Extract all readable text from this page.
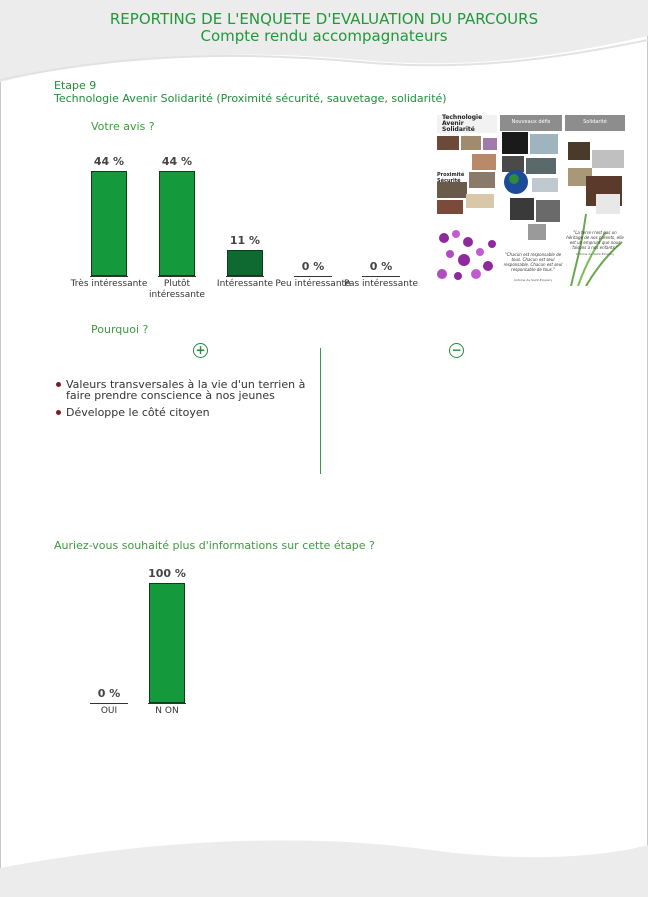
REPORTING DE L'ENQUETE D'EVALUATION DU PARCOURS
Compte rendu accompagnateurs
Etape 9
Technologie Avenir Solidarité (Proximité sécurité, sauvetage, solidarité)
Votre avis ?
44 %
Très intéressante
44 %
Plutôt intéressante
11 %
Intéressante
0 %
Peu intéressante
0 %
Pas intéressante
Pourquoi ?
+	−
Valeurs transversales à la vie d'un terrien à faire prendre conscience à nos jeunes
Développe le côté citoyen
Auriez-vous souhaité plus d'informations sur cette étape ?
0 %
OUI
100 %
N ON
Technologie Avenir Solidarité
Nouveaux défis	Solidarité
Proximité Sécurité
"Chacun est responsable de tous. Chacun est seul responsable. Chacun est seul responsable de tous."
Antoine de Saint-Exupéry
"La terre n'est pas un héritage de nos parents, elle est un emprunt que nous faisons à nos enfants."
Antoine de Saint-Exupéry
